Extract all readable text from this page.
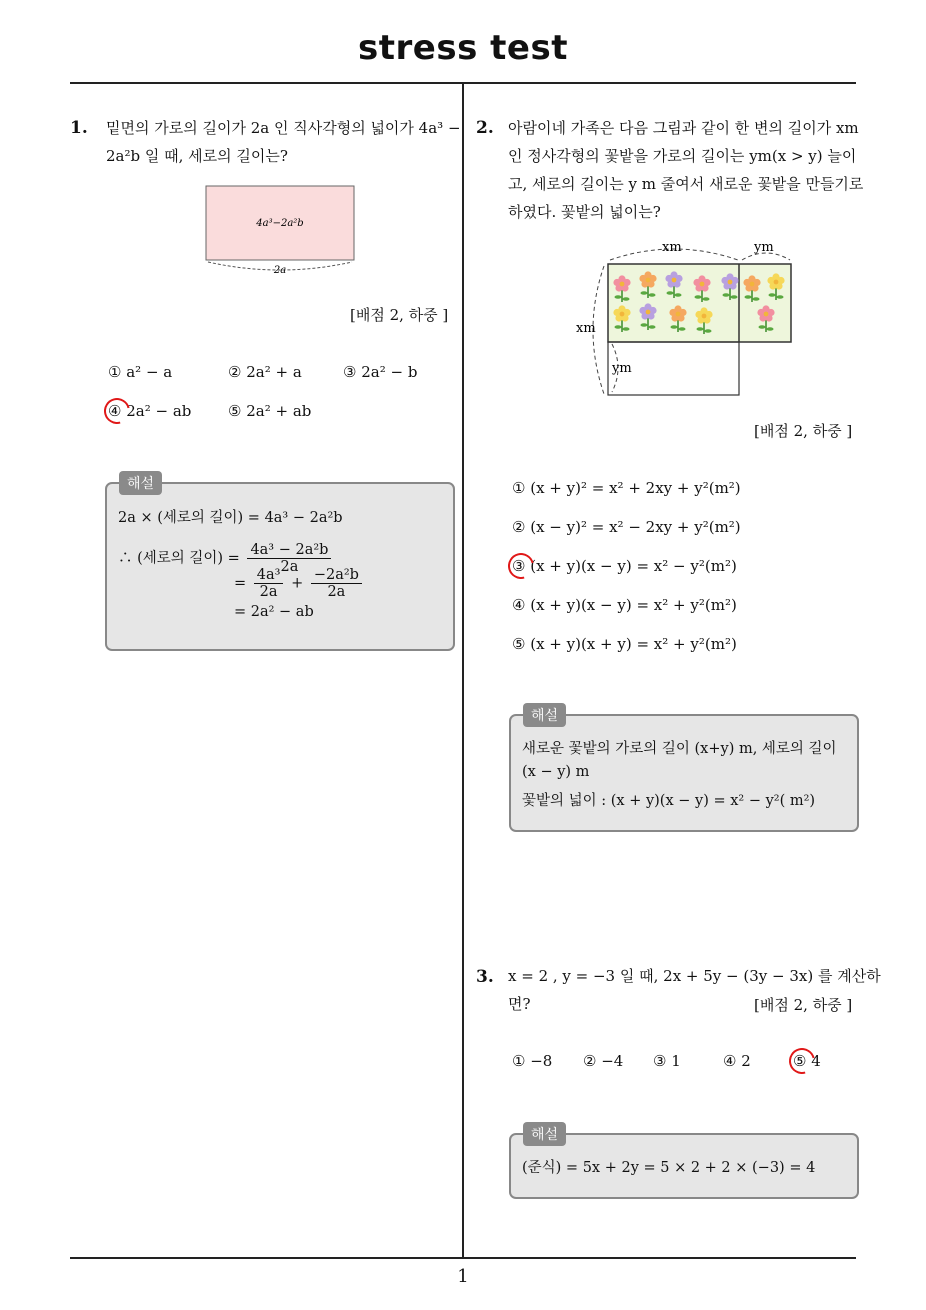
stress test
1. 밑면의 가로의 길이가 2a 인 직사각형의 넓이가 4a³ −
2a²b 일 때, 세로의 길이는?
4a³−2a²b
2a
[배점 2, 하중 ]
① a² − a	② 2a² + a	③ 2a² − b
④ 2a² − ab ⑤ 2a² + ab
해설
2a × (세로의 길이) = 4a³ − 2a²b
∴ (세로의 길이) = $\frac{\text{4a³ − 2a²b}}{2a}$
= $\frac{\text{4a³}}{2a} + \frac{\text{−2a²b}}{2a}$
= 2a² − ab
2. 아람이네 가족은 다음 그림과 같이 한 변의 길이가 xm
인 정사각형의 꽃밭을 가로의 길이는 ym(x > y) 늘이
고, 세로의 길이는 y m 줄여서 새로운 꽃밭을 만들기로
하였다. 꽃밭의 넓이는?
xm	ym
xm
ym
[배점 2, 하중 ]
① (x + y)² = x² + 2xy + y²(m²)
② (x − y)² = x² − 2xy + y²(m²)
③ (x + y)(x − y) = x² − y²(m²)
④ (x + y)(x − y) = x² + y²(m²)
⑤ (x + y)(x + y) = x² + y²(m²)
해설
새로운 꽃밭의 가로의 길이 (x+y) m, 세로의 길이
(x − y) m
꽃밭의 넓이 : (x + y)(x − y) = x² − y²( m²)
3. x = 2 , y = −3 일 때, 2x + 5y − (3y − 3x) 를 계산하
면?	[배점 2, 하중 ]
① −8 ② −4 ③ 1	④ 2	⑤ 4
해설
(준식) = 5x + 2y = 5 × 2 + 2 × (−3) = 4
1
